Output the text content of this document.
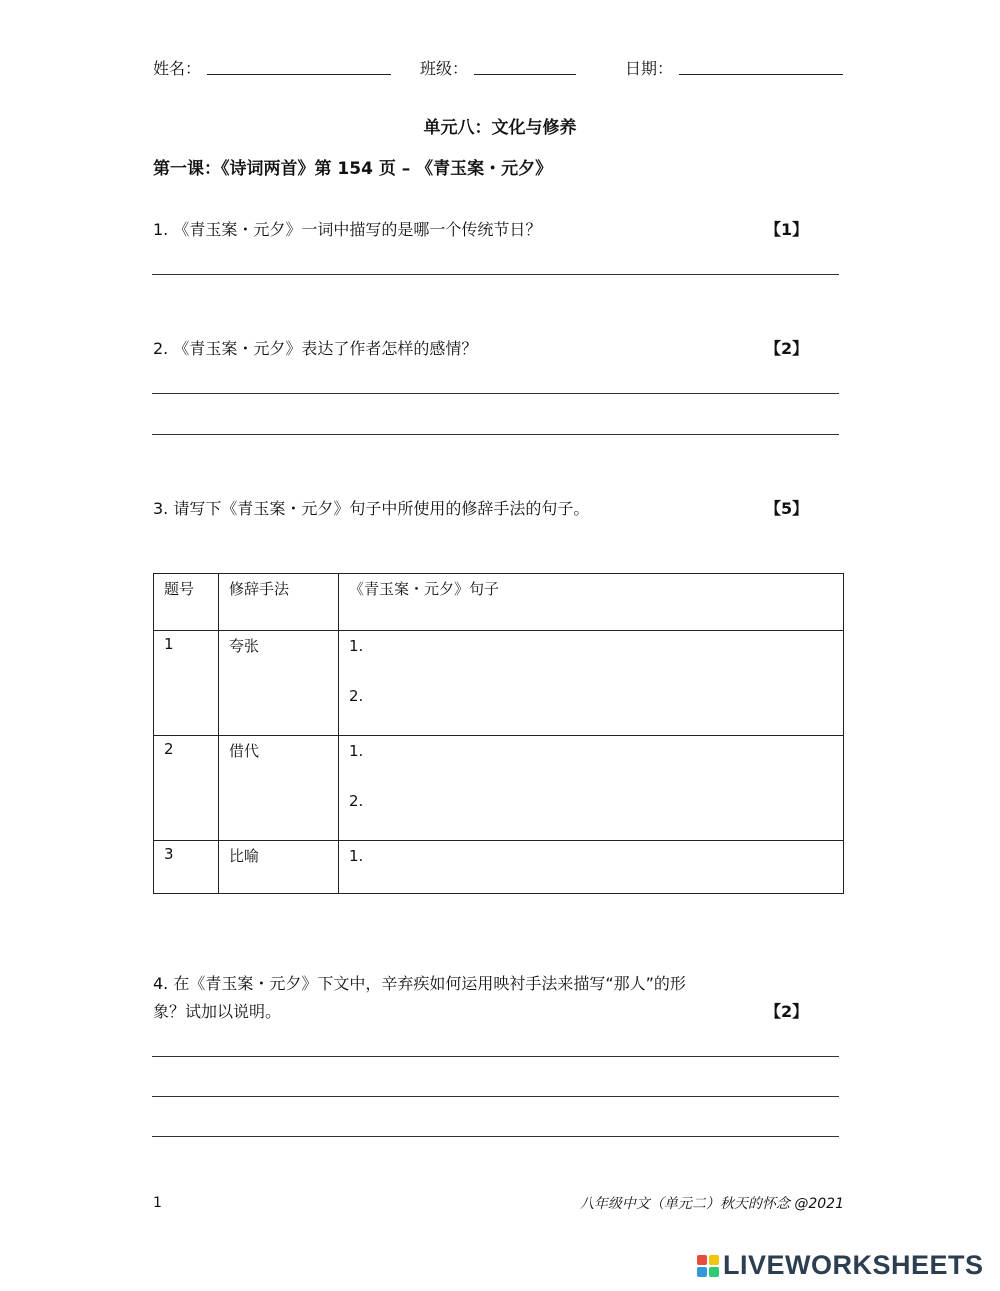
姓名：	班级：	日期：
单元八：文化与修养
第一课：《诗词两首》第 154 页 – 《青玉案・元夕》
1. 《青玉案・元夕》一词中描写的是哪一个传统节日？	【1】
2. 《青玉案・元夕》表达了作者怎样的感情？	【2】
3. 请写下《青玉案・元夕》句子中所使用的修辞手法的句子。	【5】
题号	修辞手法	《青玉案・元夕》句子
1	夸张	1.
2.

2	借代	1.
2.

3	比喻	1.
4. 在《青玉案・元夕》下文中，辛弃疾如何运用映衬手法来描写“那人”的形
象？试加以说明。	【2】
1	八年级中文（单元二）秋天的怀念 @2021
LIVEWORKSHEETS
